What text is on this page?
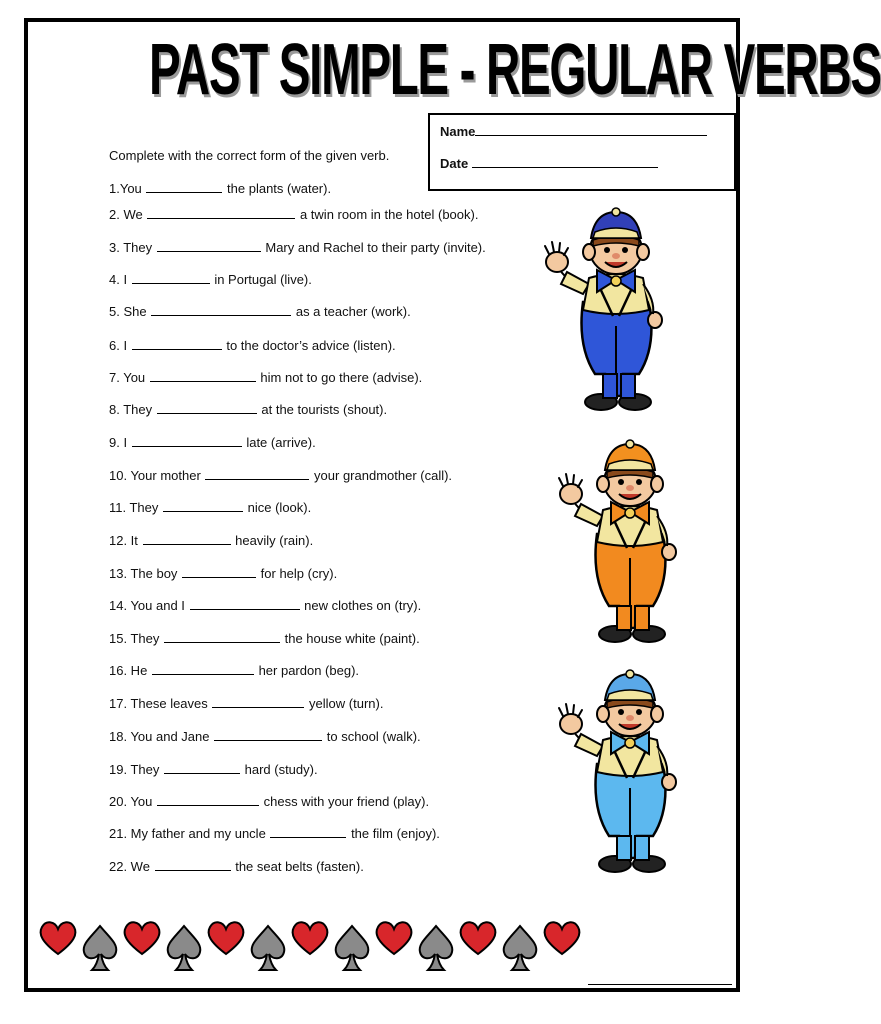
PAST SIMPLE - REGULAR VERBS
Name
Date
Complete with the correct form of the given verb.
1.You	the plants (water).
2. We	a twin room in the hotel (book).
3. They	Mary and Rachel to their party (invite).
4. I	in Portugal (live).
5. She	as a teacher (work).
6. I	to the doctor’s advice (listen).
7. You	him not to go there (advise).
8. They	at the tourists (shout).
9. I	late (arrive).
10. Your mother	your grandmother (call).
11. They	nice (look).
12. It	heavily (rain).
13. The boy	for help (cry).
14. You and I	new clothes on (try).
15. They	the house white (paint).
16. He	her pardon (beg).
17. These leaves	yellow (turn).
18. You and Jane	to school (walk).
19. They	hard (study).
20. You	chess with your friend (play).
21. My father and my uncle	the film (enjoy).
22. We	the seat belts (fasten).
